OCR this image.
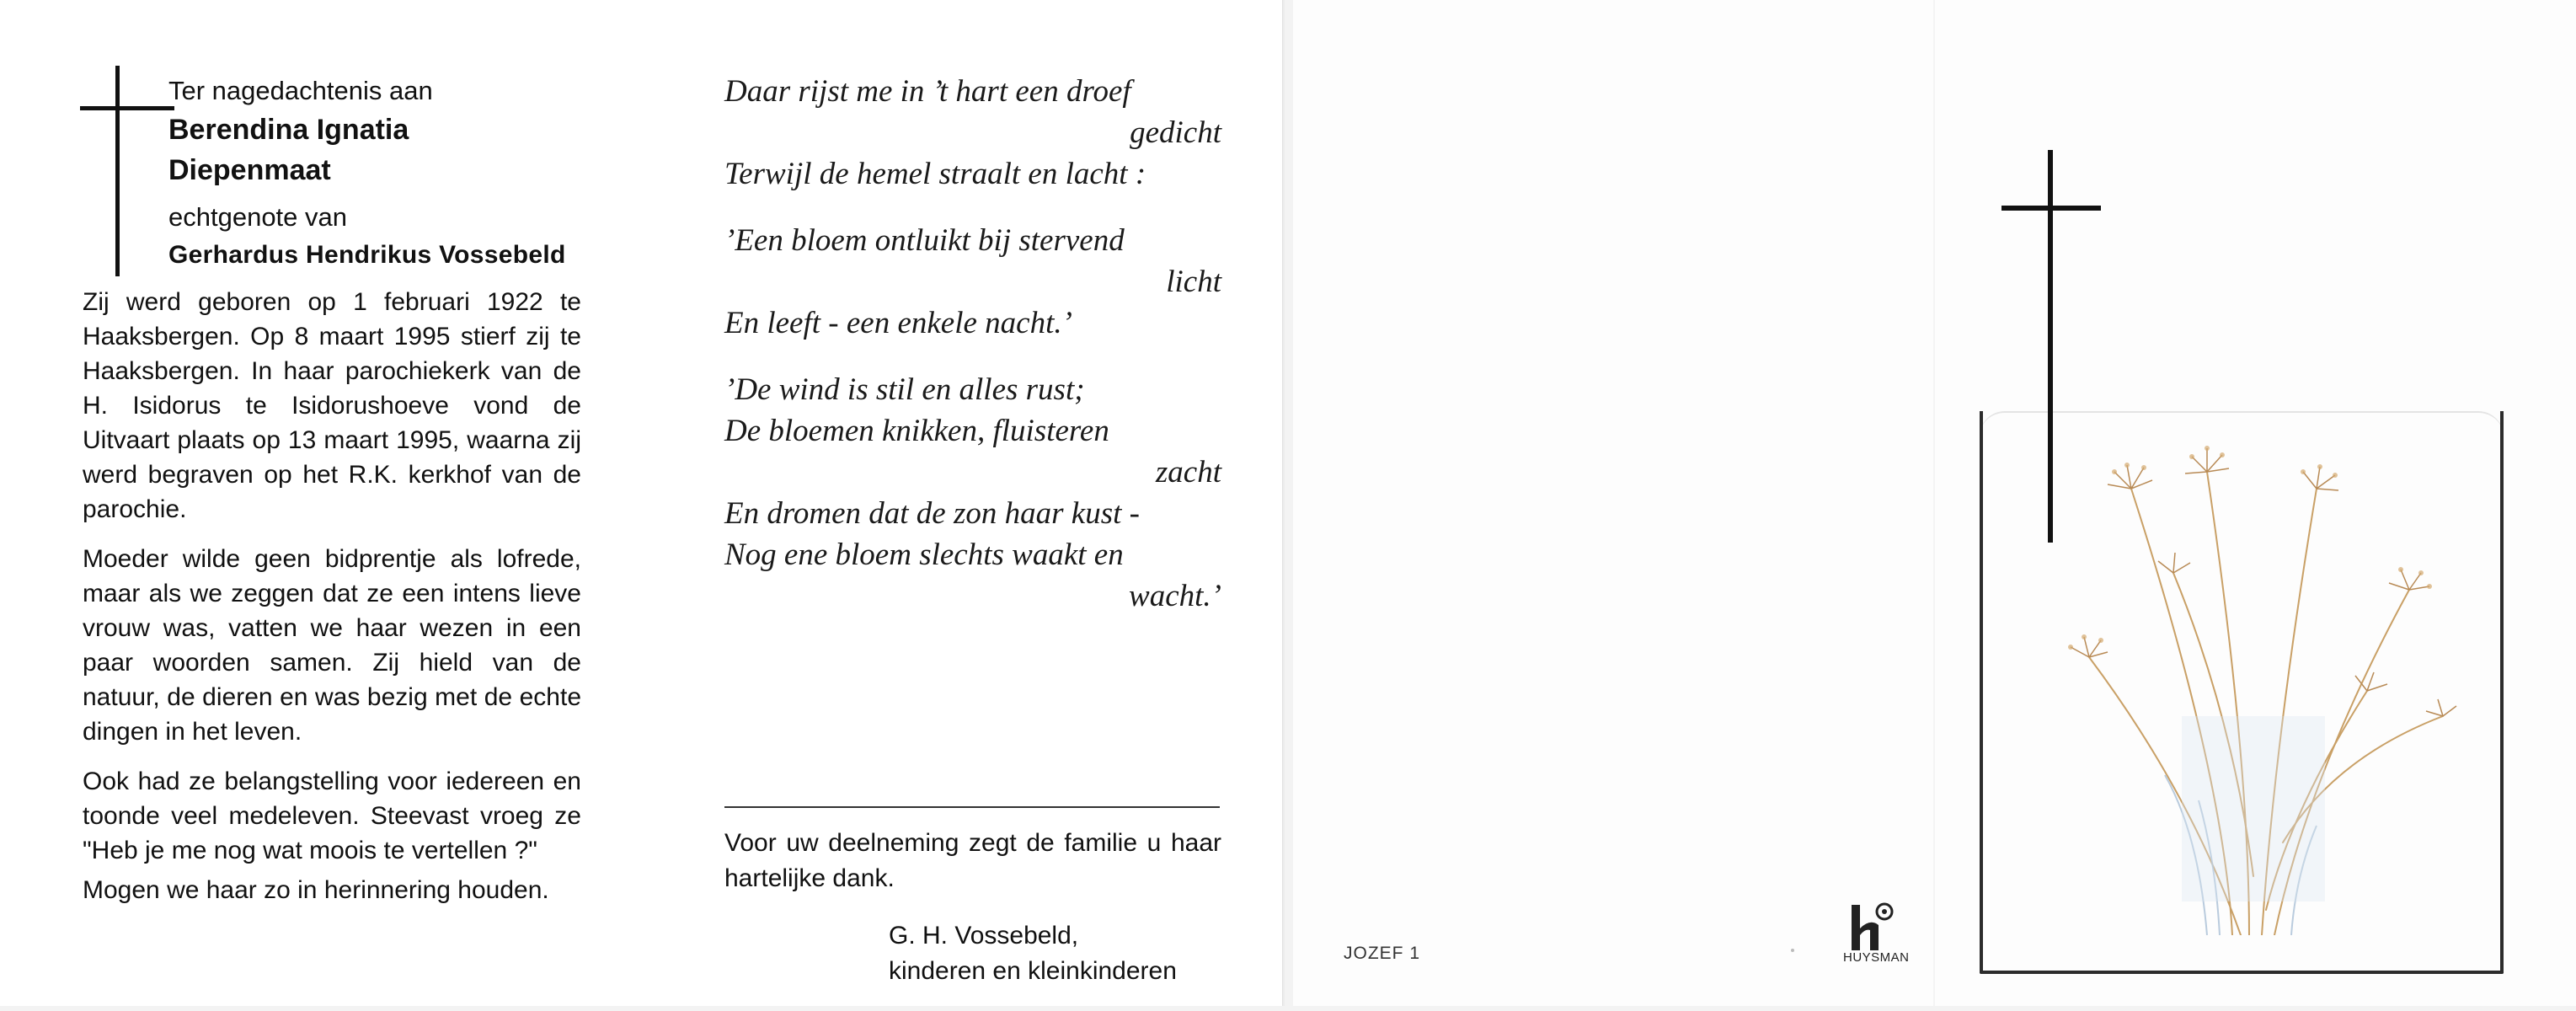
Ter nagedachtenis aan

Berendina Ignatia

Diepenmaat

echtgenote van

Gerhardus Hendrikus Vossebeld

Zij werd geboren op 1 februari 1922 te Haaksbergen. Op 8 maart 1995 stierf zij te Haaksbergen. In haar parochiekerk van de H. Isidorus te Isidorushoeve vond de Uitvaart plaats op 13 maart 1995, waarna zij werd begraven op het R.K. kerkhof van de parochie.

Moeder wilde geen bidprentje als lofrede, maar als we zeggen dat ze een intens lieve vrouw was, vatten we haar wezen in een paar woorden samen. Zij hield van de natuur, de dieren en was bezig met de echte dingen in het leven.

Ook had ze belangstelling voor iedereen en toonde veel medeleven. Steevast vroeg ze "Heb je me nog wat moois te vertellen ?"

Mogen we haar zo in herinnering houden.

Daar rijst me in ’t hart een droef

gedicht

Terwijl de hemel straalt en lacht :

’Een bloem ontluikt bij stervend

licht

En leeft - een enkele nacht.’

’De wind is stil en alles rust;

De bloemen knikken, fluisteren

zacht

En dromen dat de zon haar kust -

Nog ene bloem slechts waakt en

wacht.’

Voor uw deelneming zegt de familie u haar hartelijke dank.

G. H. Vossebeld,

kinderen en kleinkinderen

JOZEF 1	HUYSMAN
